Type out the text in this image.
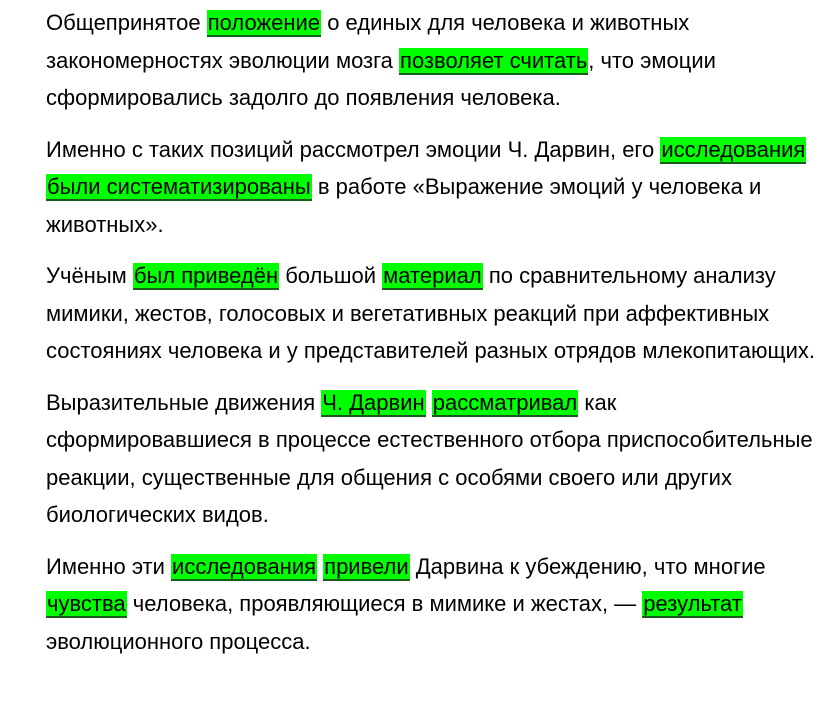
Общепринятое положение о единых для человека и животных закономерностях эволюции мозга позволяет считать, что эмоции сформировались задолго до появления человека.

Именно с таких позиций рассмотрел эмоции Ч. Дарвин, его исследования были систематизированы в работе «Выражение эмоций у человека и животных».

Учёным был приведён большой материал по сравнительному анализу мимики, жестов, голосовых и вегетативных реакций при аффективных состояниях человека и у представителей разных отрядов млекопитающих.

Выразительные движения Ч. Дарвин рассматривал как сформировавшиеся в процессе естественного отбора приспособительные реакции, существенные для общения с особями своего или других биологических видов.

Именно эти исследования привели Дарвина к убеждению, что многие чувства человека, проявляющиеся в мимике и жестах, — результат эволюционного процесса.
